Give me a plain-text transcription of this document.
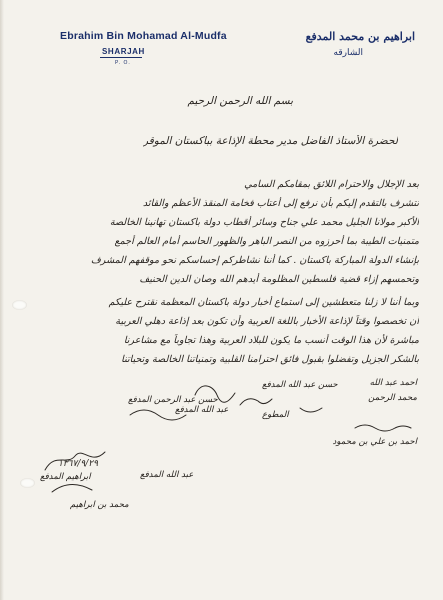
Ebrahim Bin Mohamad Al-Mudfa
SHARJAH
P. O.
ابراهيم بن محمد المدفع
الشارقه
بسم الله الرحمن الرحيم
لحضرة الأستاذ الفاضل مدير محطة الإذاعة بباكستان الموقر
بعد الإجلال والاحترام اللائق بمقامكم السامي
نتشرف بالتقدم إليكم بأن نرفع إلى أعتاب فخامة المنقذ الأعظم والقائد
الأكبر مولانا الجليل محمد علي جناح وسائر أقطاب دولة باكستان تهانينا الخالصة
متمنيات الطيبة بما أحرزوه من النصر الباهر والظهور الحاسم أمام العالم أجمع
بإنشاء الدولة المباركة باكستان . كما أننا نشاطركم إحساسكم نحو موقفهم المشرف
وتحمسهم إزاء قضية فلسطين المظلومة أيدهم الله وصان الدين الحنيف
وبما أننا لا زلنا متعطشين إلى استماع أخبار دولة باكستان المعظمة نقترح عليكم
أن تخصصوا وقتاً لإذاعة الأخبار باللغة العربية وأن تكون بعد إذاعة دهلي العربية
مباشرة لأن هذا الوقت أنسب ما يكون للبلاد العربية وهذا تجاوباً مع مشاعرنا
بالشكر الجزيل وتفضلوا بقبول فائق احترامنا القلبية وتمنياتنا الخالصة وتحياتنا
١٣٦٧/٩/٢٩
احمد عبد الله
محمد الرحمن
حسن عبد الرحمن المدفع
عبد الله المدفع
حسن عبد الله المدفع
ابراهيم المدفع
محمد بن ابراهيم
عبد الله المدفع
المطوع
احمد بن علي بن محمود
